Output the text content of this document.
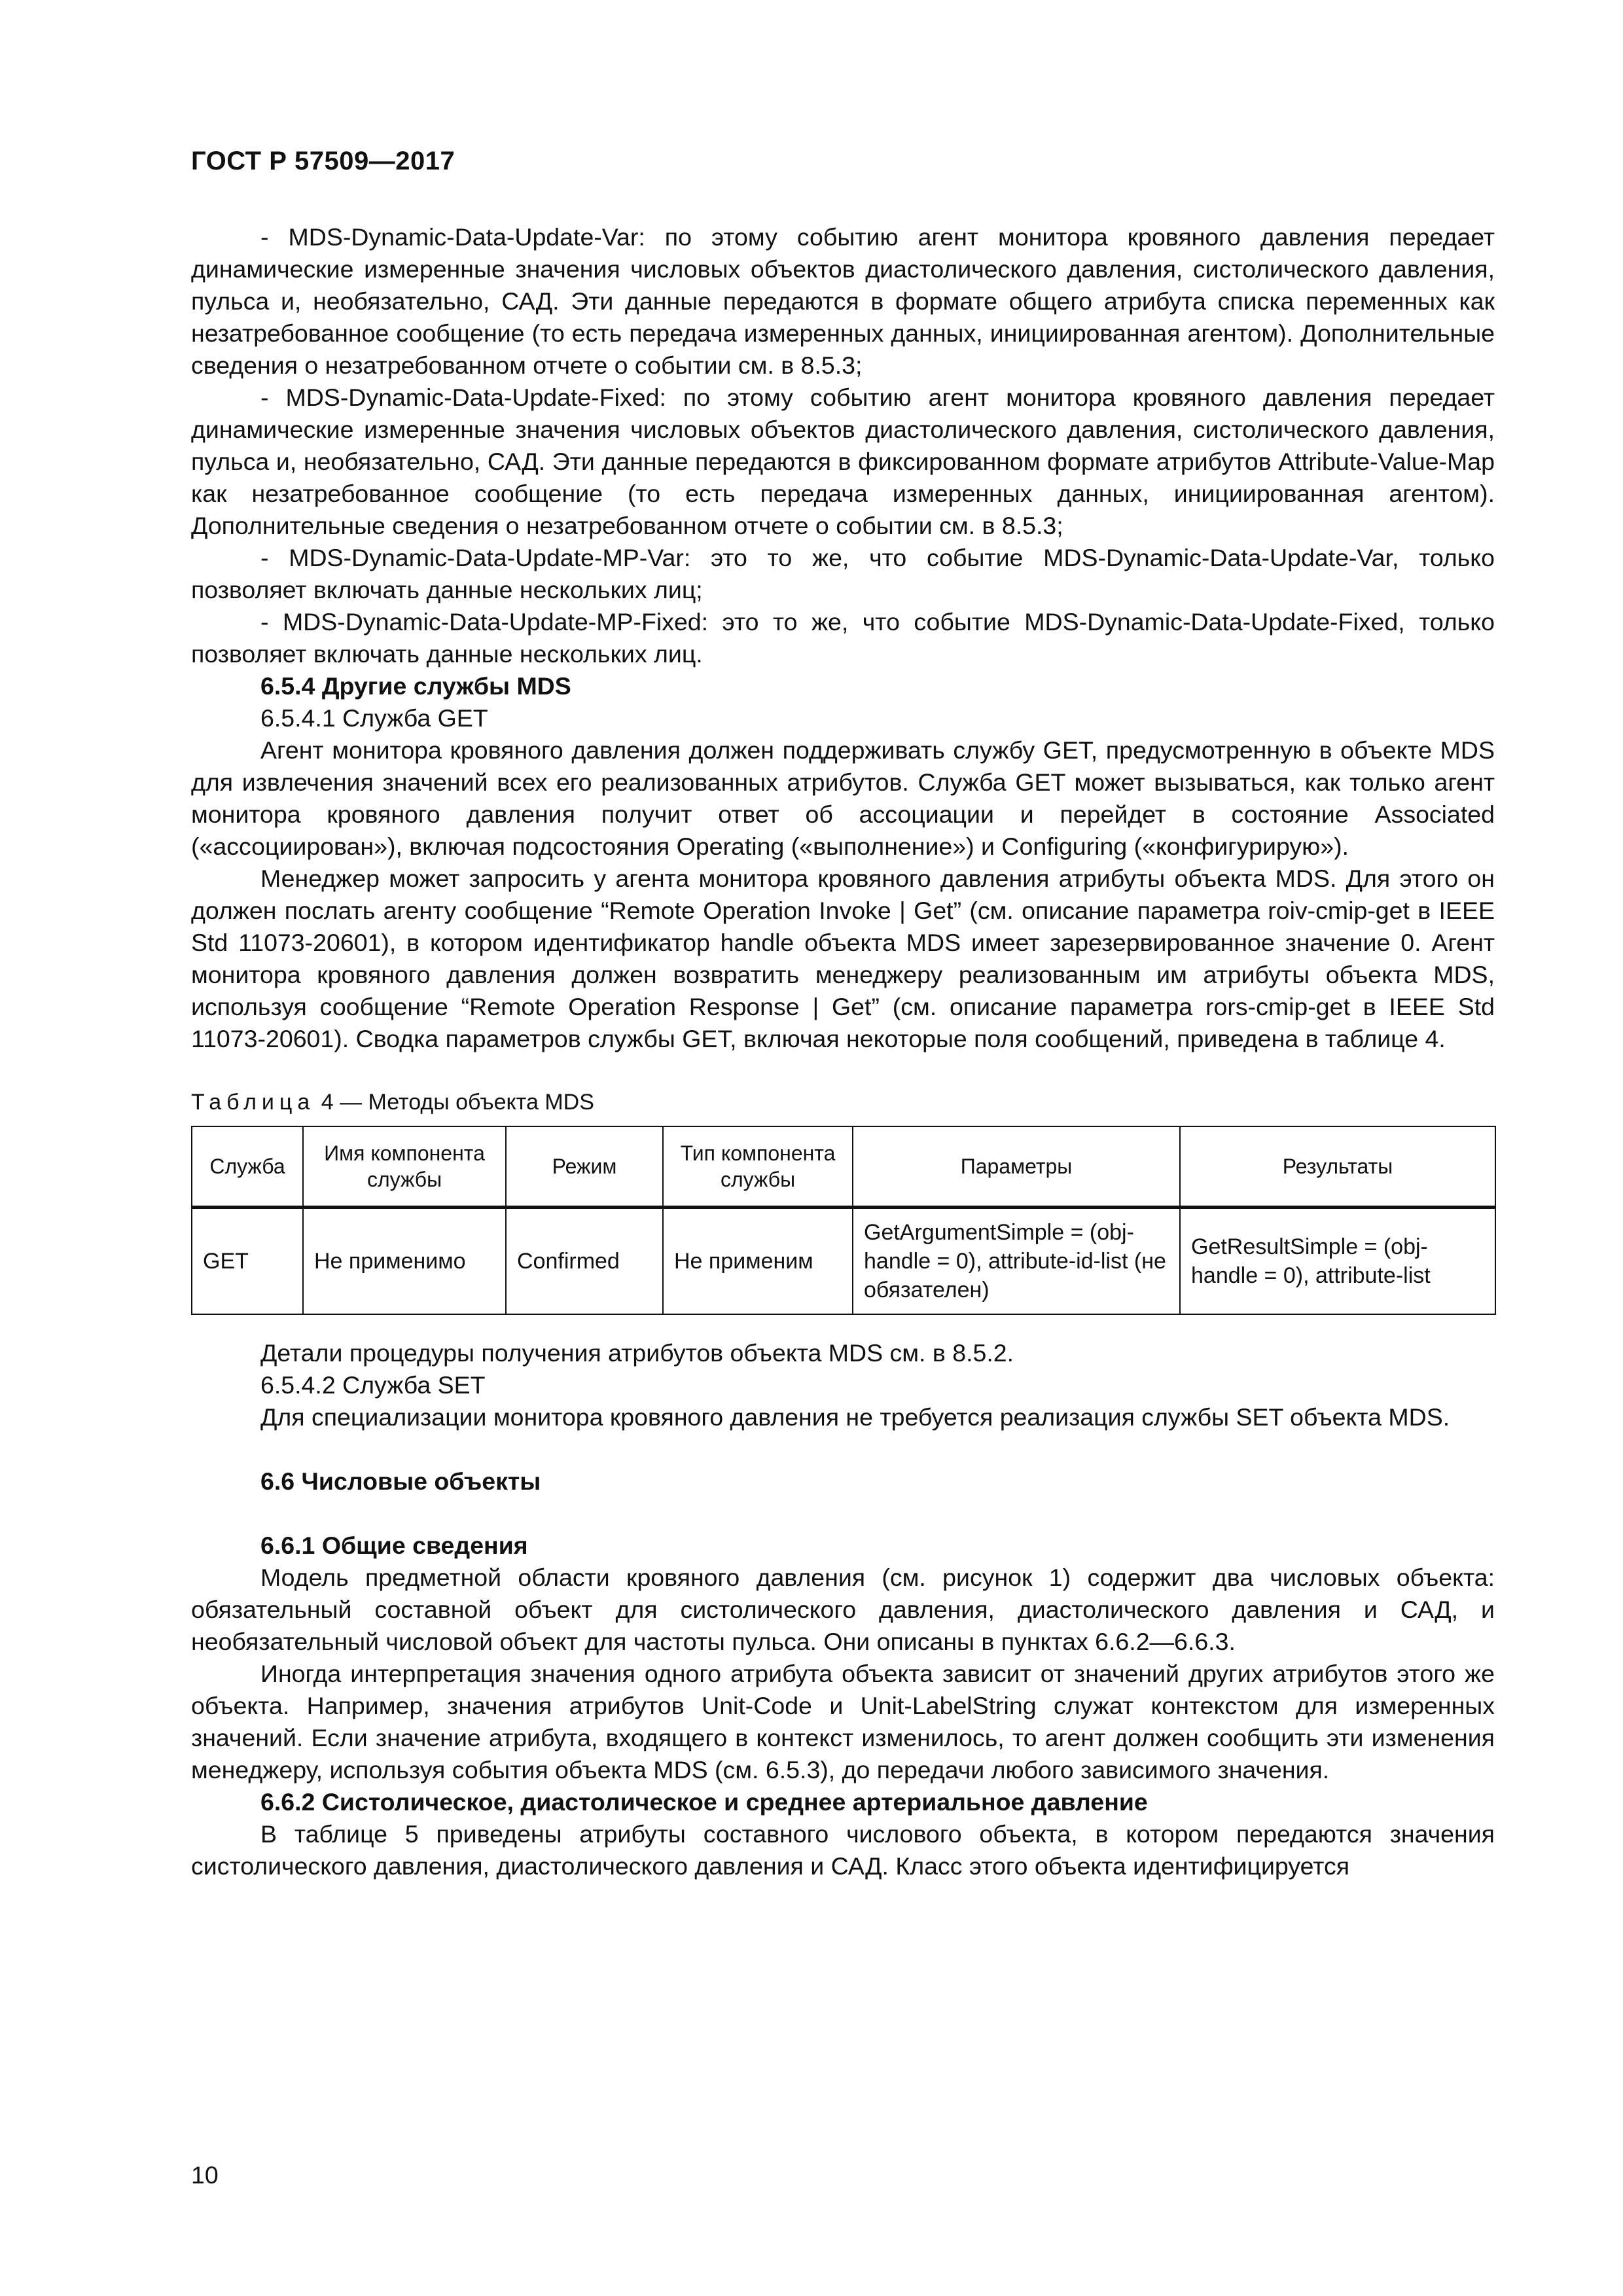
ГОСТ Р 57509—2017

- MDS-Dynamic-Data-Update-Var: по этому событию агент монитора кровяного давления передает динамические измеренные значения числовых объектов диастолического давления, систолического давления, пульса и, необязательно, САД. Эти данные передаются в формате общего атрибута списка переменных как незатребованное сообщение (то есть передача измеренных данных, инициированная агентом). Дополнительные сведения о незатребованном отчете о событии см. в 8.5.3;

- MDS-Dynamic-Data-Update-Fixed: по этому событию агент монитора кровяного давления передает динамические измеренные значения числовых объектов диастолического давления, систолического давления, пульса и, необязательно, САД. Эти данные передаются в фиксированном формате атрибутов Attribute-Value-Map как незатребованное сообщение (то есть передача измеренных данных, инициированная агентом). Дополнительные сведения о незатребованном отчете о событии см. в 8.5.3;

- MDS-Dynamic-Data-Update-MP-Var: это то же, что событие MDS-Dynamic-Data-Update-Var, только позволяет включать данные нескольких лиц;

- MDS-Dynamic-Data-Update-MP-Fixed: это то же, что событие MDS-Dynamic-Data-Update-Fixed, только позволяет включать данные нескольких лиц.

6.5.4 Другие службы MDS

6.5.4.1 Служба GET

Агент монитора кровяного давления должен поддерживать службу GET, предусмотренную в объекте MDS для извлечения значений всех его реализованных атрибутов. Служба GET может вызываться, как только агент монитора кровяного давления получит ответ об ассоциации и перейдет в состояние Associated («ассоциирован»), включая подсостояния Operating («выполнение») и Configuring («конфигурирую»).

Менеджер может запросить у агента монитора кровяного давления атрибуты объекта MDS. Для этого он должен послать агенту сообщение “Remote Operation Invoke | Get” (см. описание параметра roiv-cmip-get в IEEE Std 11073-20601), в котором идентификатор handle объекта MDS имеет зарезервированное значение 0. Агент монитора кровяного давления должен возвратить менеджеру реализованным им атрибуты объекта MDS, используя сообщение “Remote Operation Response | Get” (см. описание параметра rors-cmip-get в IEEE Std 11073-20601). Сводка параметров службы GET, включая некоторые поля сообщений, приведена в таблице 4.

Таблица 4 — Методы объекта MDS
Служба	Имя компонента службы	Режим	Тип компонента службы	Параметры	Результаты

GET	Не применимо	Confirmed	Не применим	GetArgumentSimple = (obj-handle = 0), attribute-id-list (не обязателен)	GetResultSimple = (obj-handle = 0), attribute-list

Детали процедуры получения атрибутов объекта MDS см. в 8.5.2.

6.5.4.2 Служба SET

Для специализации монитора кровяного давления не требуется реализация службы SET объекта MDS.

6.6 Числовые объекты

6.6.1 Общие сведения

Модель предметной области кровяного давления (см. рисунок 1) содержит два числовых объекта: обязательный составной объект для систолического давления, диастолического давления и САД, и необязательный числовой объект для частоты пульса. Они описаны в пунктах 6.6.2—6.6.3.

Иногда интерпретация значения одного атрибута объекта зависит от значений других атрибутов этого же объекта. Например, значения атрибутов Unit-Code и Unit-LabelString служат контекстом для измеренных значений. Если значение атрибута, входящего в контекст изменилось, то агент должен сообщить эти изменения менеджеру, используя события объекта MDS (см. 6.5.3), до передачи любого зависимого значения.

6.6.2 Систолическое, диастолическое и среднее артериальное давление

В таблице 5 приведены атрибуты составного числового объекта, в котором передаются значения систолического давления, диастолического давления и САД. Класс этого объекта идентифицируется

10
